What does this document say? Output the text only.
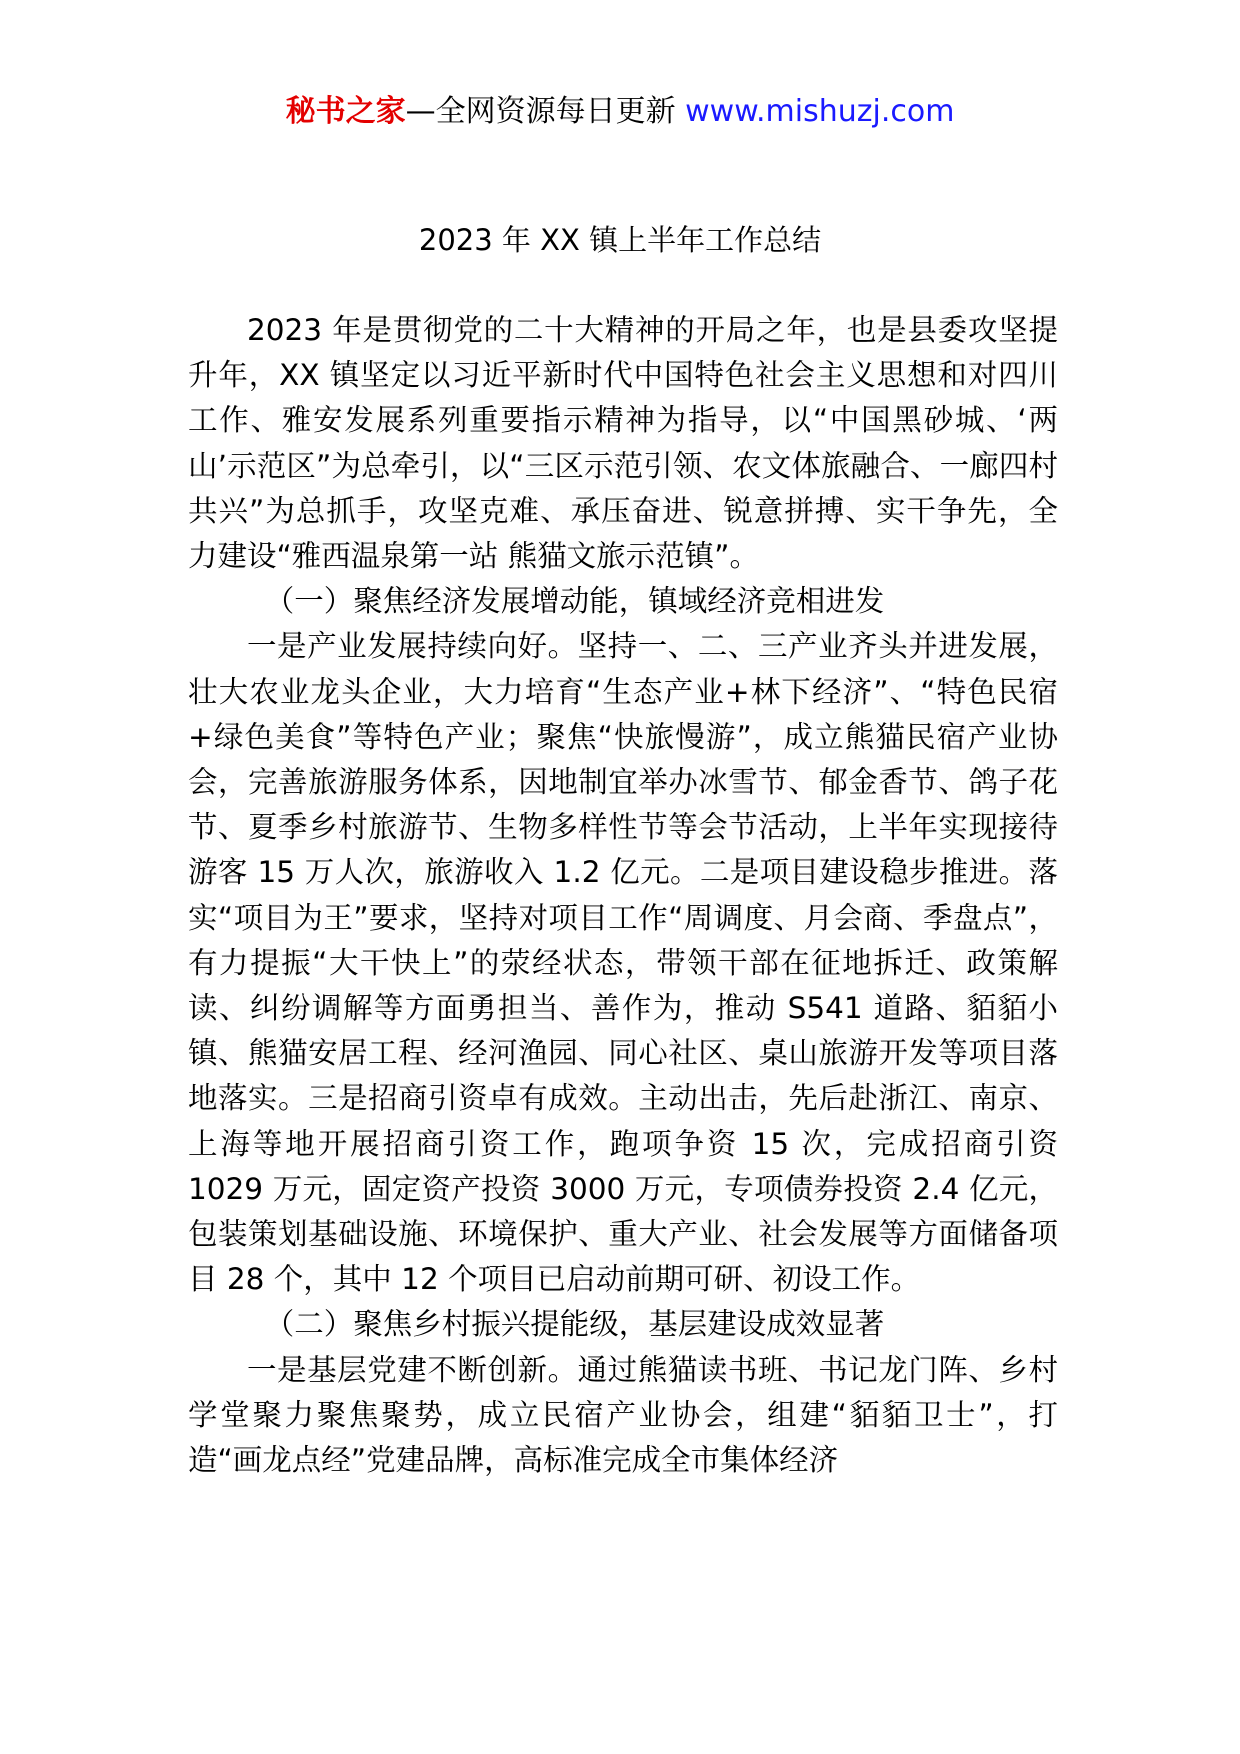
秘书之家—全网资源每日更新 www.mishuzj.com
2023 年 XX 镇上半年工作总结

2023 年是贯彻党的二十大精神的开局之年，也是县委攻坚提升年，XX 镇坚定以习近平新时代中国特色社会主义思想和对四川工作、雅安发展系列重要指示精神为指导，以“中国黑砂城、‘两山’示范区”为总牵引，以“三区示范引领、农文体旅融合、一廊四村共兴”为总抓手，攻坚克难、承压奋进、锐意拼搏、实干争先，全力建设“雅西温泉第一站 熊猫文旅示范镇”。

（一）聚焦经济发展增动能，镇域经济竞相进发

一是产业发展持续向好。坚持一、二、三产业齐头并进发展，壮大农业龙头企业，大力培育“生态产业+林下经济”、“特色民宿+绿色美食”等特色产业；聚焦“快旅慢游”，成立熊猫民宿产业协会，完善旅游服务体系，因地制宜举办冰雪节、郁金香节、鸽子花节、夏季乡村旅游节、生物多样性节等会节活动，上半年实现接待游客 15 万人次，旅游收入 1.2 亿元。二是项目建设稳步推进。落实“项目为王”要求，坚持对项目工作“周调度、月会商、季盘点”，有力提振“大干快上”的荥经状态，带领干部在征地拆迁、政策解读、纠纷调解等方面勇担当、善作为，推动 S541 道路、貊貊小镇、熊猫安居工程、经河渔园、同心社区、桌山旅游开发等项目落地落实。三是招商引资卓有成效。主动出击，先后赴浙江、南京、上海等地开展招商引资工作，跑项争资 15 次，完成招商引资 1029 万元，固定资产投资 3000 万元，专项债券投资 2.4 亿元，包装策划基础设施、环境保护、重大产业、社会发展等方面储备项目 28 个，其中 12 个项目已启动前期可研、初设工作。

（二）聚焦乡村振兴提能级，基层建设成效显著

一是基层党建不断创新。通过熊猫读书班、书记龙门阵、乡村学堂聚力聚焦聚势，成立民宿产业协会，组建“貊貊卫士”，打造“画龙点经”党建品牌，高标准完成全市集体经济
